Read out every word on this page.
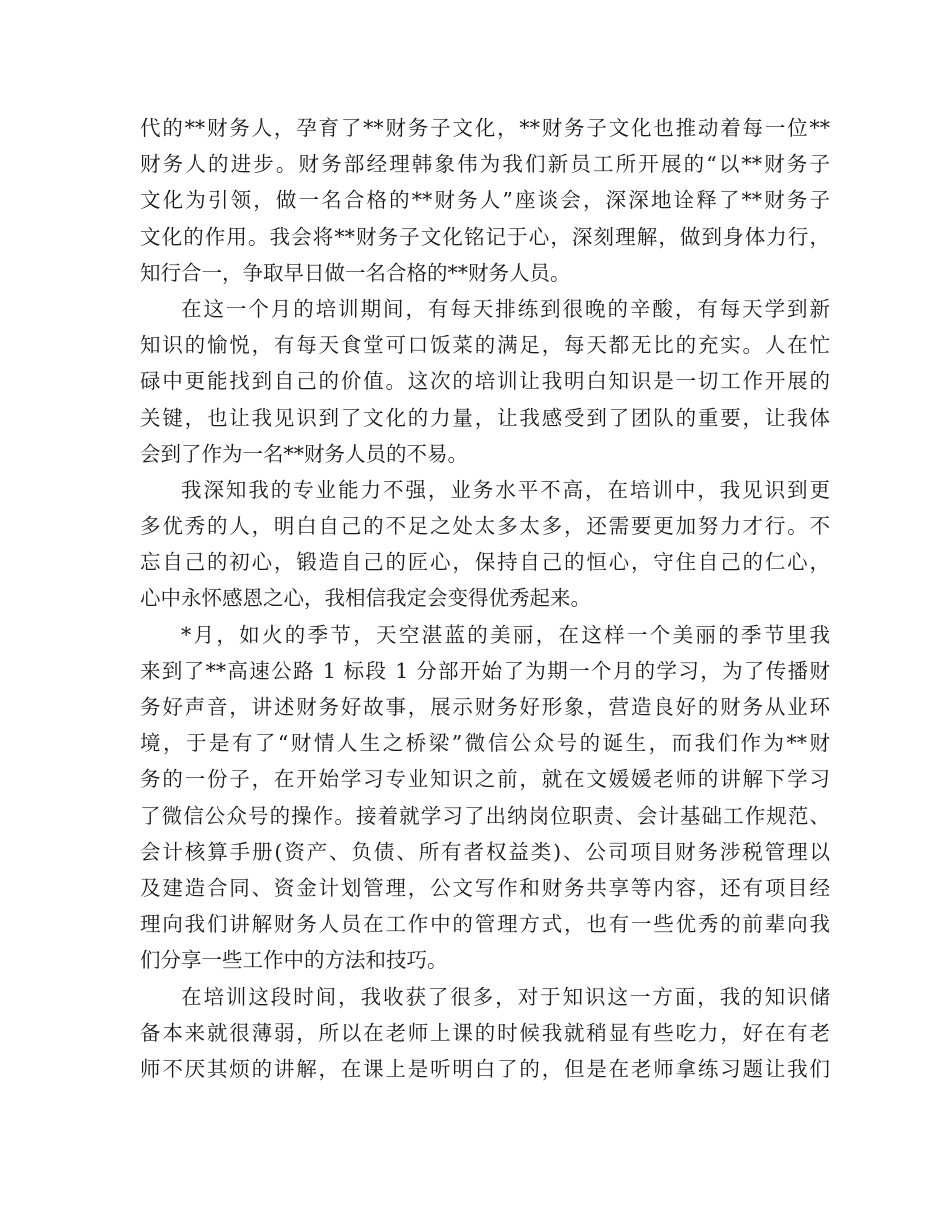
代的**财务人，孕育了**财务子文化，**财务子文化也推动着每一位**
财务人的进步。财务部经理韩象伟为我们新员工所开展的“以**财务子
文化为引领，做一名合格的**财务人”座谈会，深深地诠释了**财务子
文化的作用。我会将**财务子文化铭记于心，深刻理解，做到身体力行，
知行合一，争取早日做一名合格的**财务人员。
在这一个月的培训期间，有每天排练到很晚的辛酸，有每天学到新
知识的愉悦，有每天食堂可口饭菜的满足，每天都无比的充实。人在忙
碌中更能找到自己的价值。这次的培训让我明白知识是一切工作开展的
关键，也让我见识到了文化的力量，让我感受到了团队的重要，让我体
会到了作为一名**财务人员的不易。
我深知我的专业能力不强，业务水平不高，在培训中，我见识到更
多优秀的人，明白自己的不足之处太多太多，还需要更加努力才行。不
忘自己的初心，锻造自己的匠心，保持自己的恒心，守住自己的仁心，
心中永怀感恩之心，我相信我定会变得优秀起来。
*月，如火的季节，天空湛蓝的美丽，在这样一个美丽的季节里我
来到了**高速公路 1 标段 1 分部开始了为期一个月的学习，为了传播财
务好声音，讲述财务好故事，展示财务好形象，营造良好的财务从业环
境，于是有了“财情人生之桥梁”微信公众号的诞生，而我们作为**财
务的一份子，在开始学习专业知识之前，就在文媛媛老师的讲解下学习
了微信公众号的操作。接着就学习了出纳岗位职责、会计基础工作规范、
会计核算手册(资产、负债、所有者权益类)、公司项目财务涉税管理以
及建造合同、资金计划管理，公文写作和财务共享等内容，还有项目经
理向我们讲解财务人员在工作中的管理方式，也有一些优秀的前辈向我
们分享一些工作中的方法和技巧。
在培训这段时间，我收获了很多，对于知识这一方面，我的知识储
备本来就很薄弱，所以在老师上课的时候我就稍显有些吃力，好在有老
师不厌其烦的讲解，在课上是听明白了的，但是在老师拿练习题让我们
